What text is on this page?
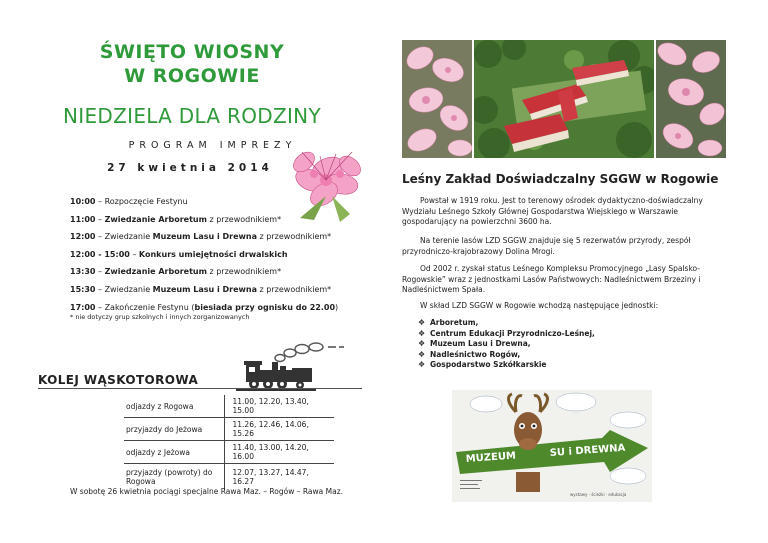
ŚWIĘTO WIOSNY
W ROGOWIE
NIEDZIELA DLA RODZINY
PROGRAM IMPREZY
27 kwietnia 2014
10:00 – Rozpoczęcie Festynu
11:00 – Zwiedzanie Arboretum z przewodnikiem*
12:00 – Zwiedzanie Muzeum Lasu i Drewna z przewodnikiem*
12:00 - 15:00 – Konkurs umiejętności drwalskich
13:30 – Zwiedzanie Arboretum z przewodnikiem*
15:30 – Zwiedzanie Muzeum Lasu i Drewna z przewodnikiem*
17:00 – Zakończenie Festynu (biesiada przy ognisku do 22.00)
* nie dotyczy grup szkolnych i innych zorganizowanych
KOLEJ WĄSKOTOROWA
odjazdy z Rogowa	11.00, 12.20, 13.40, 15.00
przyjazdy do Jeżowa	11.26, 12.46, 14.06, 15.26
odjazdy z Jeżowa	11.40, 13.00, 14.20, 16.00
przyjazdy (powroty) do Rogowa	12.07, 13.27, 14.47, 16.27
W sobotę 26 kwietnia pociągi specjalne Rawa Maz. – Rogów – Rawa Maz.
Leśny Zakład Doświadczalny SGGW w Rogowie
Powstał w 1919 roku. Jest to terenowy ośrodek dydaktyczno-doświadczalny Wydziału Leśnego Szkoły Głównej Gospodarstwa Wiejskiego w Warszawie gospodarujący na powierzchni 3600 ha.
Na terenie lasów LZD SGGW znajduje się 5 rezerwatów przyrody, zespół przyrodniczo-krajobrazowy Dolina Mrogi.
Od 2002 r. zyskał status Leśnego Kompleksu Promocyjnego „Lasy Spalsko-Rogowskie” wraz z jednostkami Lasów Państwowych: Nadleśnictwem Brzeziny i Nadleśnictwem Spała.
W skład LZD SGGW w Rogowie wchodzą następujące jednostki:
❖ Arboretum,
❖ Centrum Edukacji Przyrodniczo-Leśnej,
❖ Muzeum Lasu i Drewna,
❖ Nadleśnictwo Rogów,
❖ Gospodarstwo Szkółkarskie
MUZEUM	SU i DREWNA
wystawy · ścieżki · edukacja
